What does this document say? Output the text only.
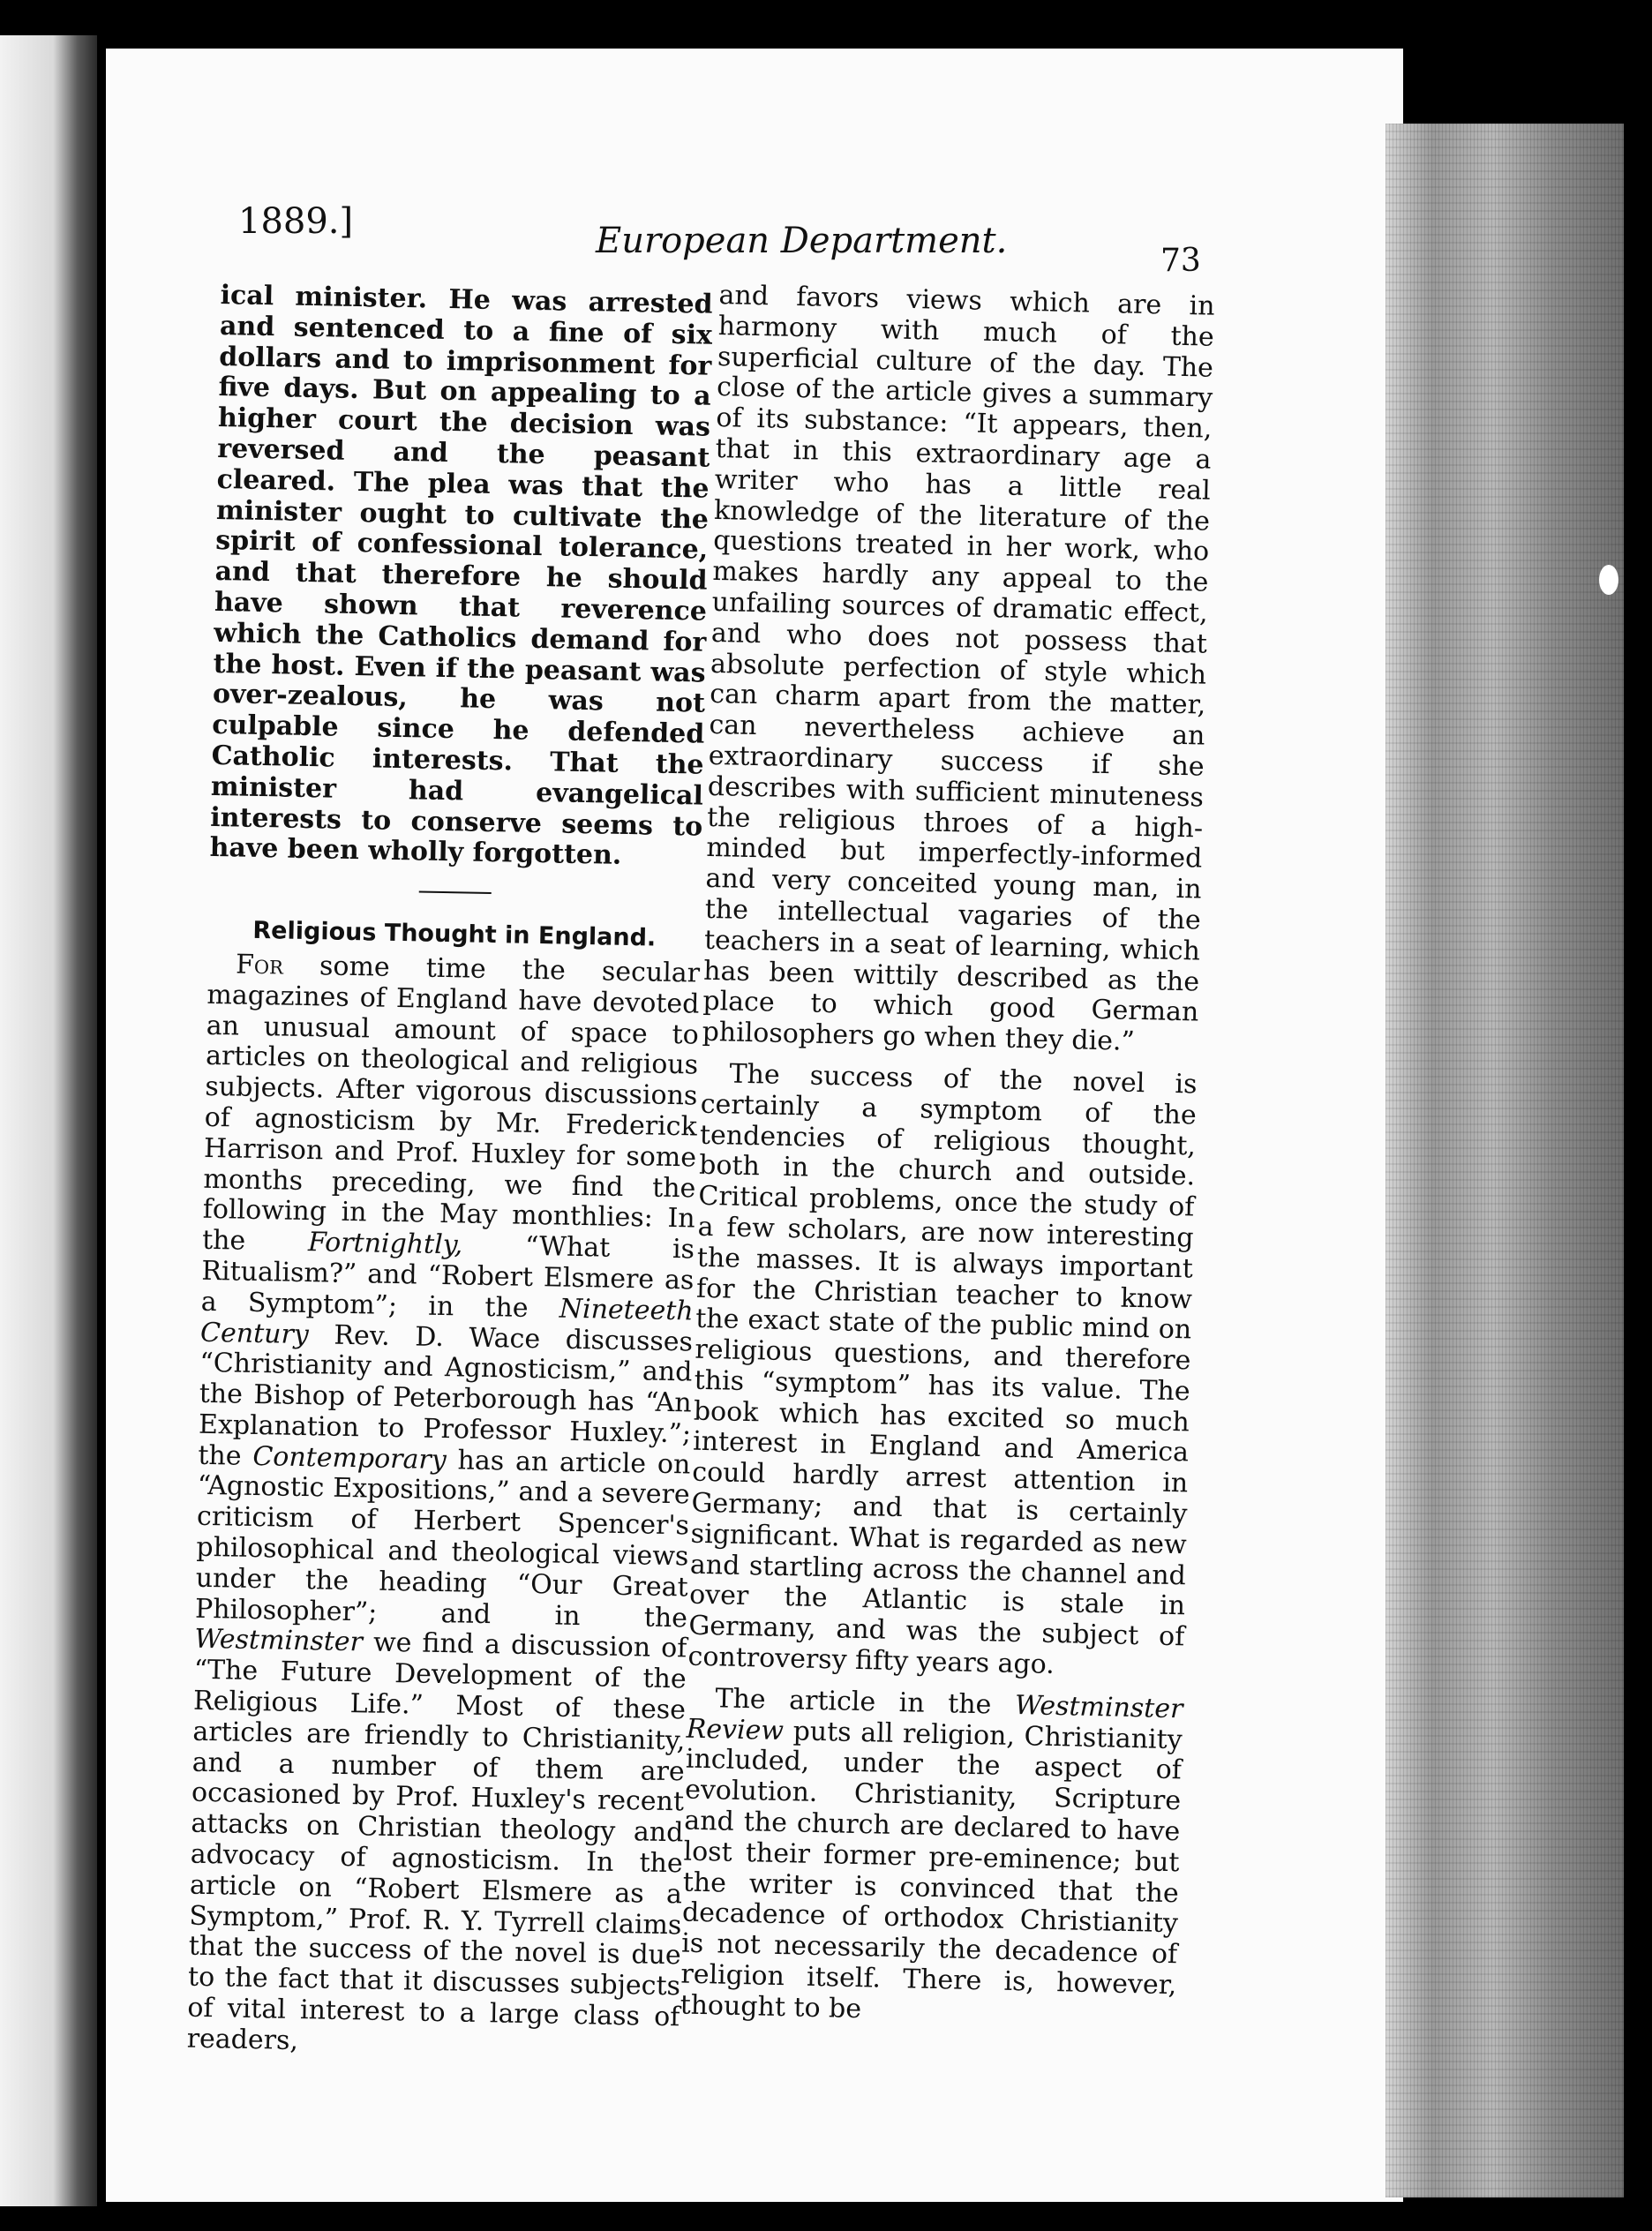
1889.]	European Department.	73

ical minister. He was arrested and sentenced to a fine of six dollars and to imprisonment for five days. But on appealing to a higher court the decision was reversed and the peasant cleared. The plea was that the minister ought to cultivate the spirit of confessional tolerance, and that therefore he should have shown that reverence which the Catholics demand for the host. Even if the peasant was over-zealous, he was not culpable since he defended Catholic interests. That the minister had evangelical interests to conserve seems to have been wholly forgotten.

Religious Thought in England.

For some time the secular magazines of England have devoted an unusual amount of space to articles on theological and religious subjects. After vigorous discussions of agnosticism by Mr. Frederick Harrison and Prof. Huxley for some months preceding, we find the following in the May monthlies: In the Fortnightly, “What is Ritualism?” and “Robert Elsmere as a Symptom”; in the Nineteeth Century Rev. D. Wace discusses “Christianity and Agnosticism,” and the Bishop of Peterborough has “An Explanation to Professor Huxley.”; the Contemporary has an article on “Agnostic Expositions,” and a severe criticism of Herbert Spencer's philosophical and theological views under the heading “Our Great Philosopher”; and in the Westminster we find a discussion of “The Future Development of the Religious Life.” Most of these articles are friendly to Christianity, and a number of them are occasioned by Prof. Huxley's recent attacks on Christian theology and advocacy of agnosticism. In the article on “Robert Elsmere as a Symptom,” Prof. R. Y. Tyrrell claims that the success of the novel is due to the fact that it discusses subjects of vital interest to a large class of readers,

and favors views which are in harmony with much of the superficial culture of the day. The close of the article gives a summary of its substance: “It appears, then, that in this extraordinary age a writer who has a little real knowledge of the literature of the questions treated in her work, who makes hardly any appeal to the unfailing sources of dramatic effect, and who does not possess that absolute perfection of style which can charm apart from the matter, can nevertheless achieve an extraordinary success if she describes with sufficient minuteness the religious throes of a high-minded but imperfectly-informed and very conceited young man, in the intellectual vagaries of the teachers in a seat of learning, which has been wittily described as the place to which good German philosophers go when they die.”

The success of the novel is certainly a symptom of the tendencies of religious thought, both in the church and outside. Critical problems, once the study of a few scholars, are now interesting the masses. It is always important for the Christian teacher to know the exact state of the public mind on religious questions, and therefore this “symptom” has its value. The book which has excited so much interest in England and America could hardly arrest attention in Germany; and that is certainly significant. What is regarded as new and startling across the channel and over the Atlantic is stale in Germany, and was the subject of controversy fifty years ago.

The article in the Westminster Review puts all religion, Christianity included, under the aspect of evolution. Christianity, Scripture and the church are declared to have lost their former pre-eminence; but the writer is convinced that the decadence of orthodox Christianity is not necessarily the decadence of religion itself. There is, however, thought to be
